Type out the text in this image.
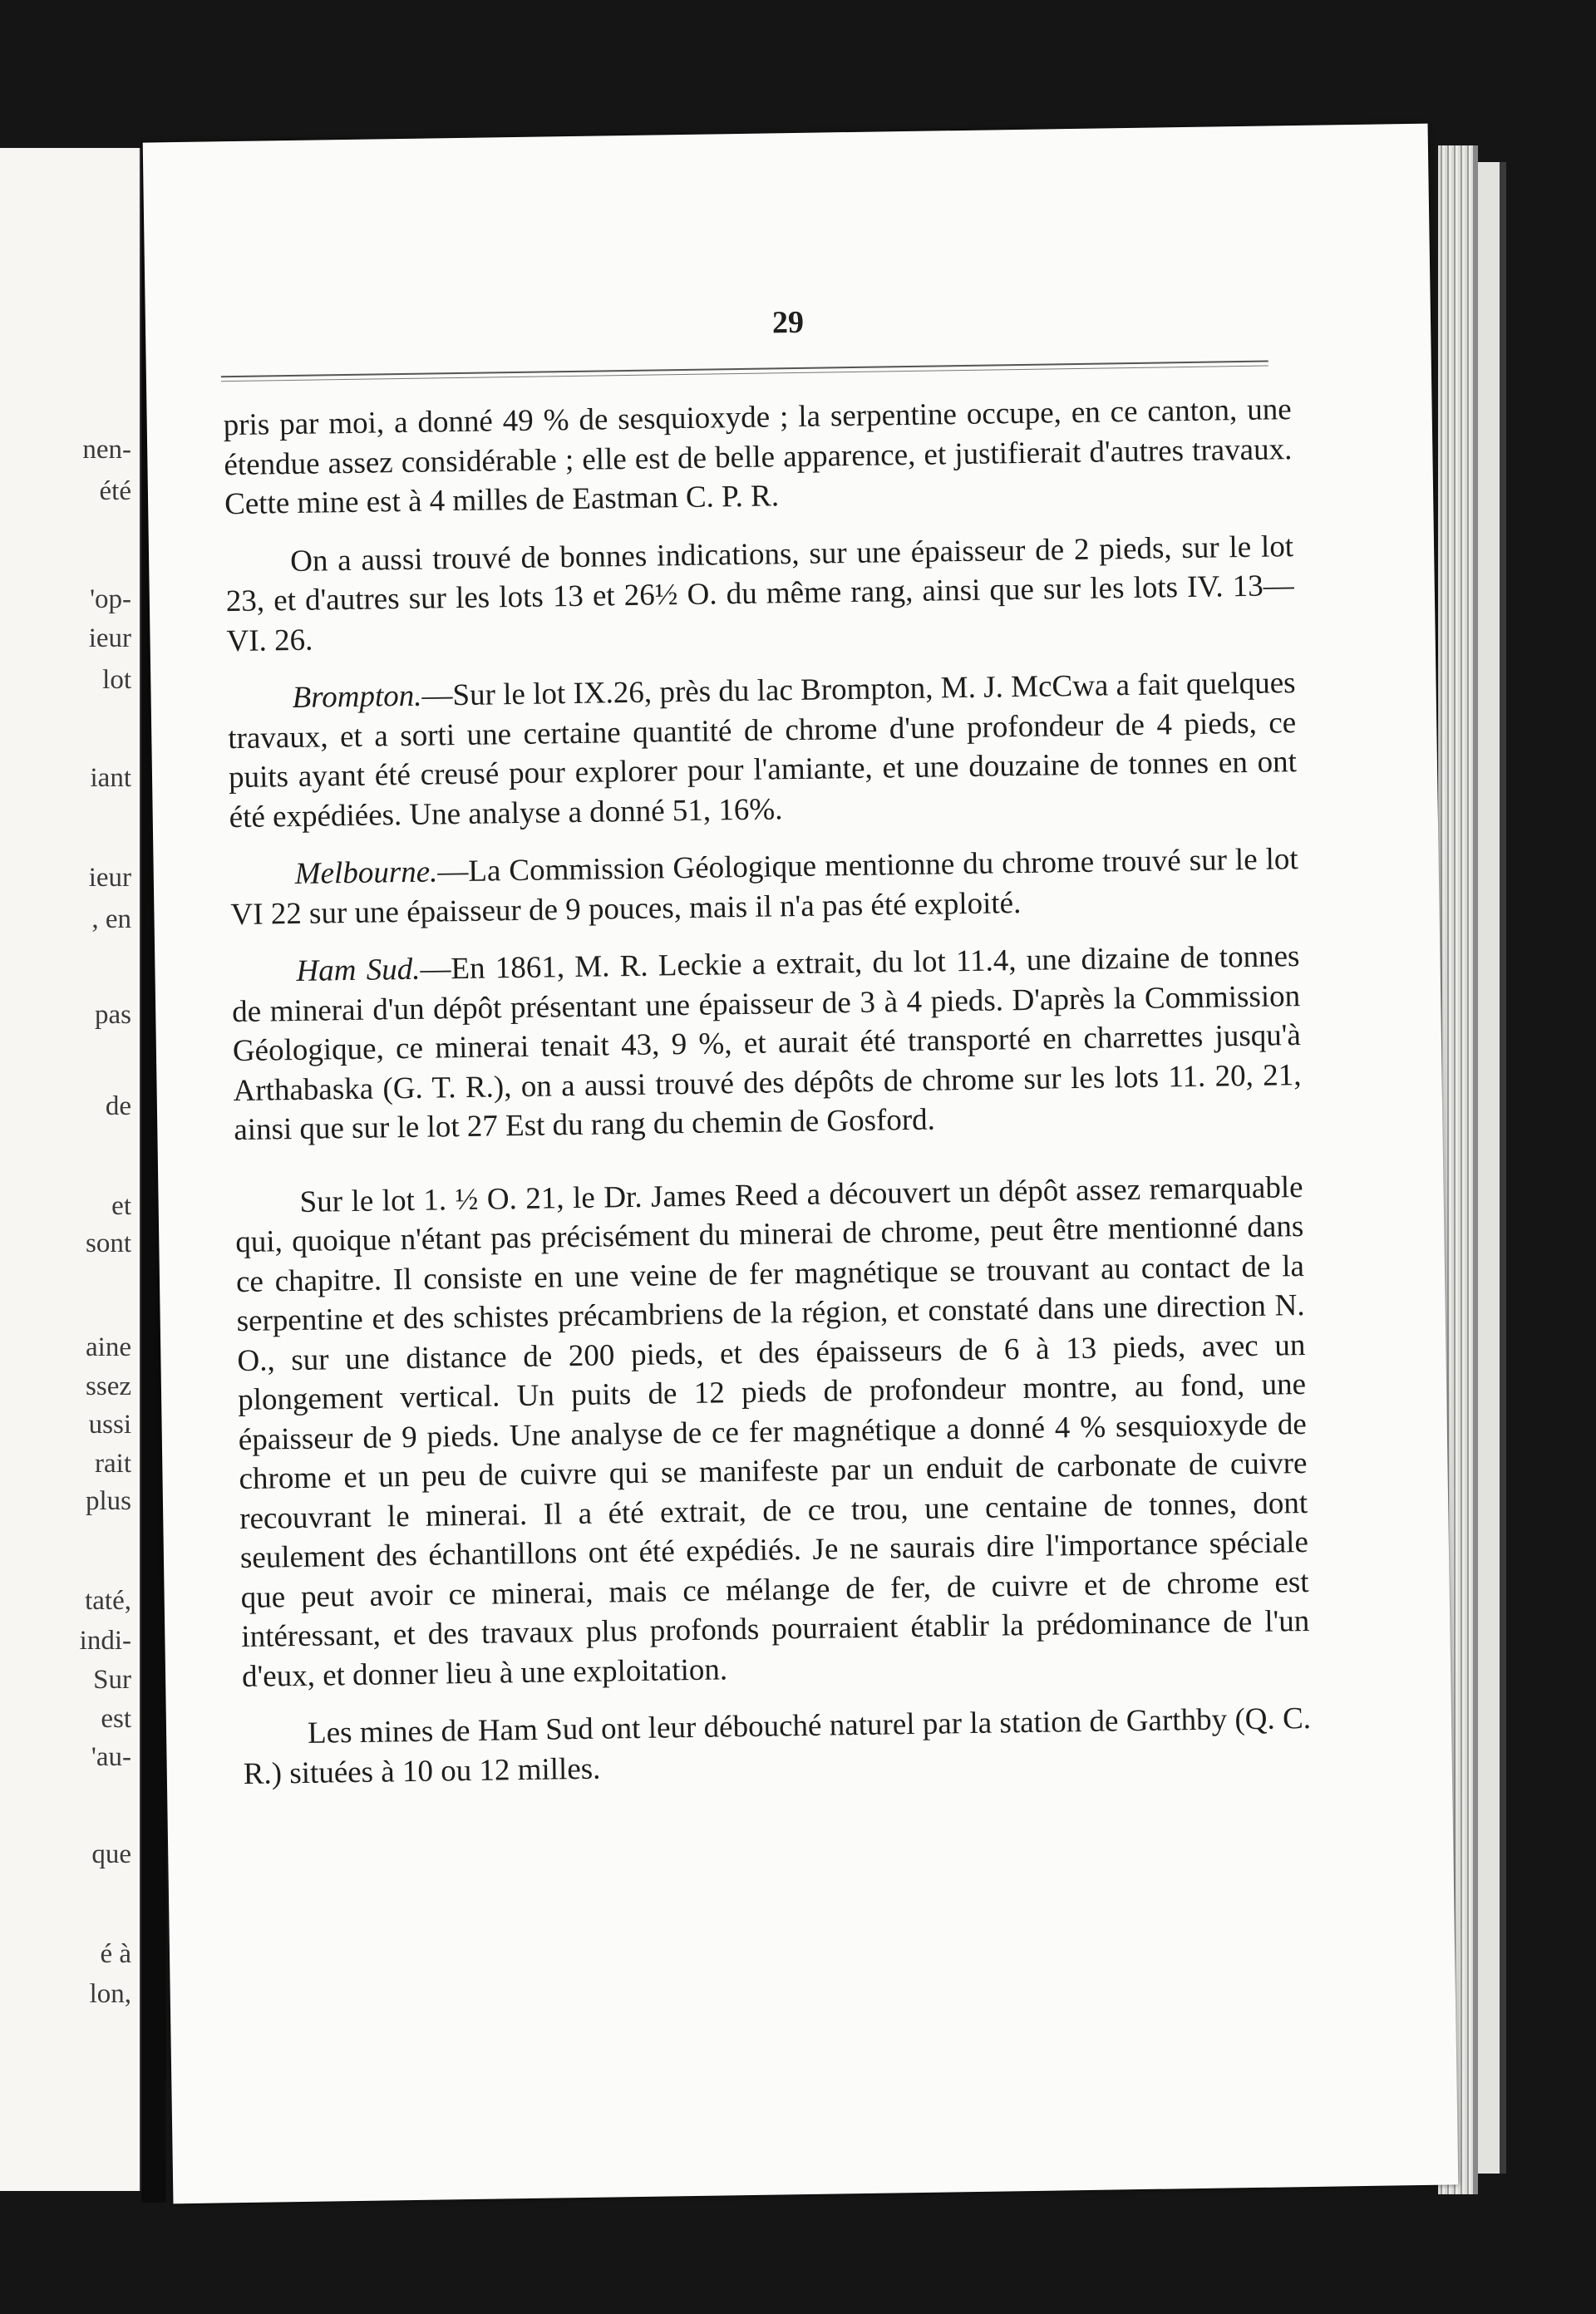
nen-
été
'op-
ieur
lot
iant
ieur
, en
pas
de
et
sont
aine
ssez
ussi
rait
plus
taté,
indi-
Sur
est
'au-
que
é à
lon,
29

pris par moi, a donné 49 % de sesquioxyde ; la serpentine occupe, en ce canton, une étendue assez considérable ; elle est de belle apparence, et justifierait d'autres travaux. Cette mine est à 4 milles de Eastman C. P. R.

On a aussi trouvé de bonnes indications, sur une épaisseur de 2 pieds, sur le lot 23, et d'autres sur les lots 13 et 26½ O. du même rang, ainsi que sur les lots IV. 13—VI. 26.

Brompton.—Sur le lot IX.26, près du lac Brompton, M. J. McCwa a fait quelques travaux, et a sorti une certaine quantité de chrome d'une profondeur de 4 pieds, ce puits ayant été creusé pour explorer pour l'amiante, et une douzaine de tonnes en ont été expédiées. Une analyse a donné 51, 16%.

Melbourne.—La Commission Géologique mentionne du chrome trouvé sur le lot VI 22 sur une épaisseur de 9 pouces, mais il n'a pas été exploité.

Ham Sud.—En 1861, M. R. Leckie a extrait, du lot 11.4, une dizaine de tonnes de minerai d'un dépôt présentant une épaisseur de 3 à 4 pieds. D'après la Commission Géologique, ce minerai tenait 43, 9 %, et aurait été transporté en charrettes jusqu'à Arthabaska (G. T. R.), on a aussi trouvé des dépôts de chrome sur les lots 11. 20, 21, ainsi que sur le lot 27 Est du rang du chemin de Gosford.

Sur le lot 1. ½ O. 21, le Dr. James Reed a découvert un dépôt assez remarquable qui, quoique n'étant pas précisément du minerai de chrome, peut être mentionné dans ce chapitre. Il consiste en une veine de fer magnétique se trouvant au contact de la serpentine et des schistes précambriens de la région, et constaté dans une direction N. O., sur une distance de 200 pieds, et des épaisseurs de 6 à 13 pieds, avec un plongement vertical. Un puits de 12 pieds de profondeur montre, au fond, une épaisseur de 9 pieds. Une analyse de ce fer magnétique a donné 4 % sesquioxyde de chrome et un peu de cuivre qui se manifeste par un enduit de carbonate de cuivre recouvrant le minerai. Il a été extrait, de ce trou, une centaine de tonnes, dont seulement des échantillons ont été expédiés. Je ne saurais dire l'importance spéciale que peut avoir ce minerai, mais ce mélange de fer, de cuivre et de chrome est intéressant, et des travaux plus profonds pourraient établir la prédominance de l'un d'eux, et donner lieu à une exploitation.

Les mines de Ham Sud ont leur débouché naturel par la station de Garthby (Q. C. R.) situées à 10 ou 12 milles.
